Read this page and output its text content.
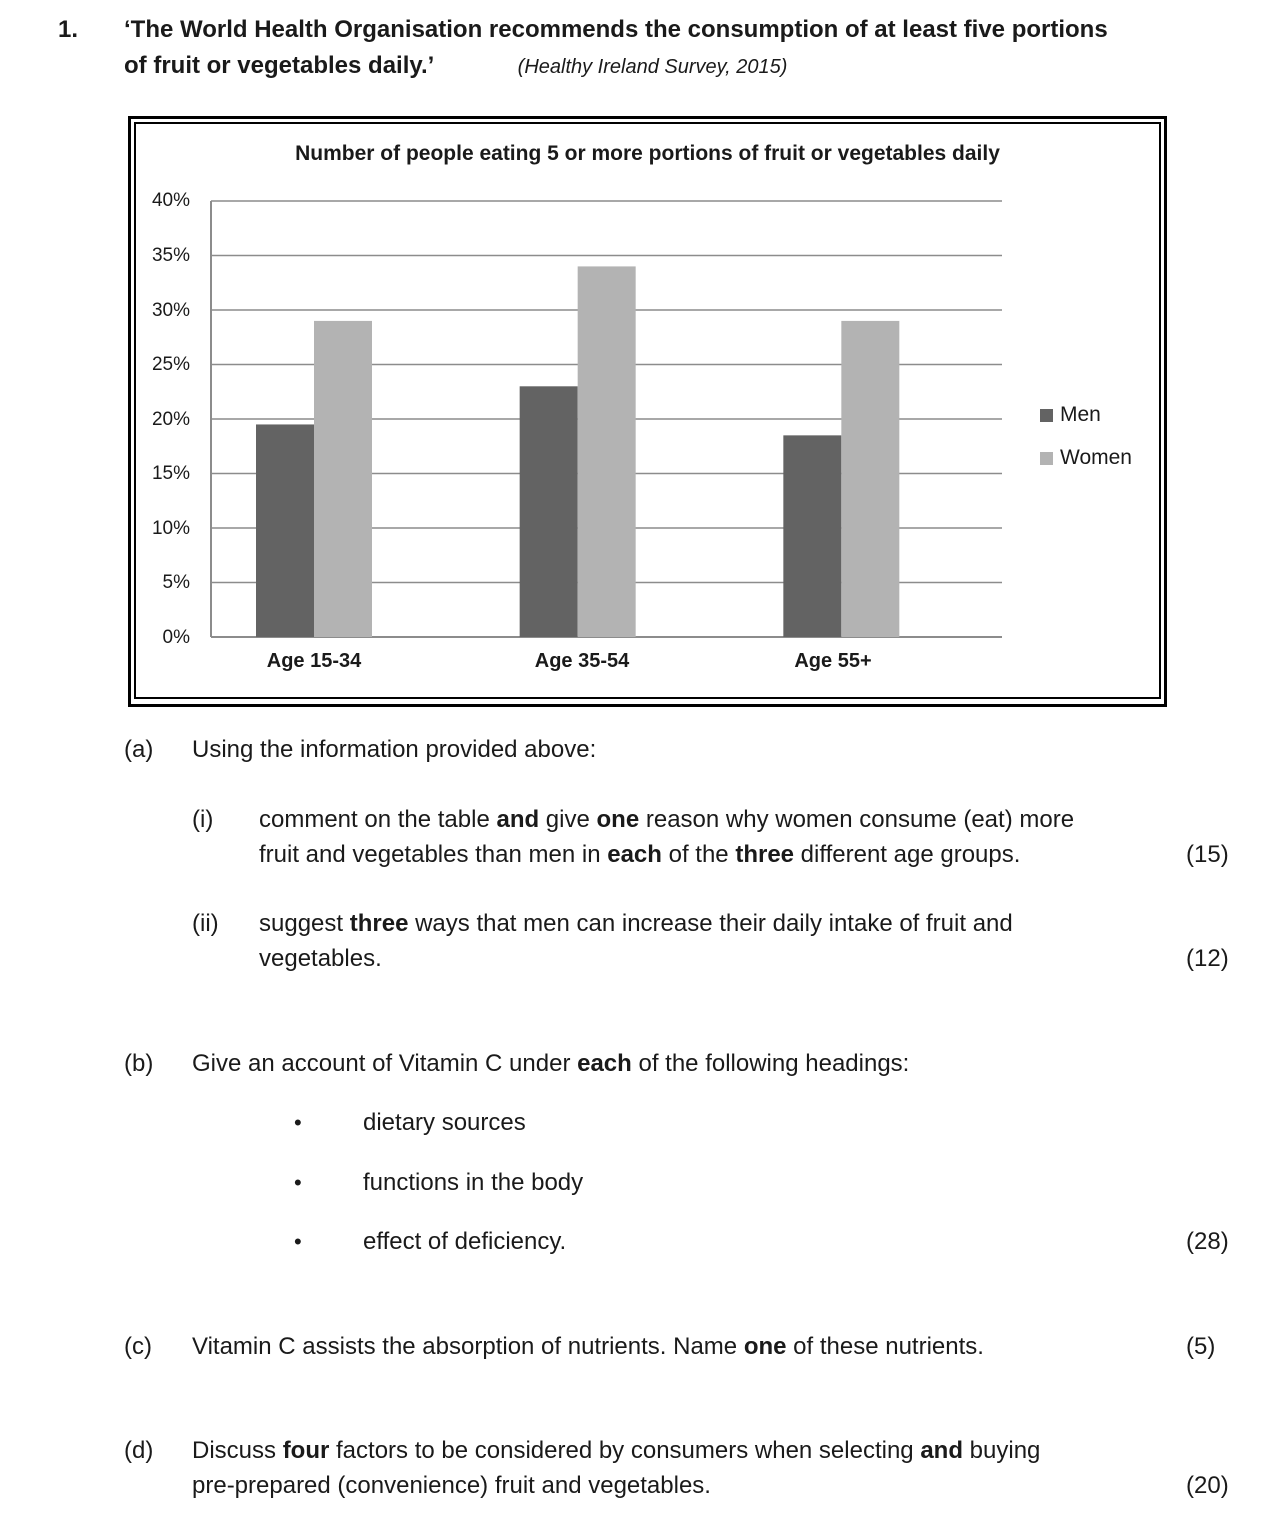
1. ‘The World Health Organisation recommends the consumption of at least five portions
of fruit or vegetables daily.’	(Healthy Ireland Survey, 2015)
Number of people eating 5 or more portions of fruit or vegetables daily
40%
35%
30%
25%
20%
15%
10%
5%
0%
Age 15-34	Age 35-54	Age 55+
Men
Women
(a) Using the information provided above:
(i) comment on the table and give one reason why women consume (eat) more
fruit and vegetables than men in each of the three different age groups.	(15)
(ii) suggest three ways that men can increase their daily intake of fruit and
vegetables.	(12)
(b) Give an account of Vitamin C under each of the following headings:
•	dietary sources
•	functions in the body
•	effect of deficiency.	(28)
(c) Vitamin C assists the absorption of nutrients. Name one of these nutrients.	(5)
(d) Discuss four factors to be considered by consumers when selecting and buying
pre-prepared (convenience) fruit and vegetables.	(20)
